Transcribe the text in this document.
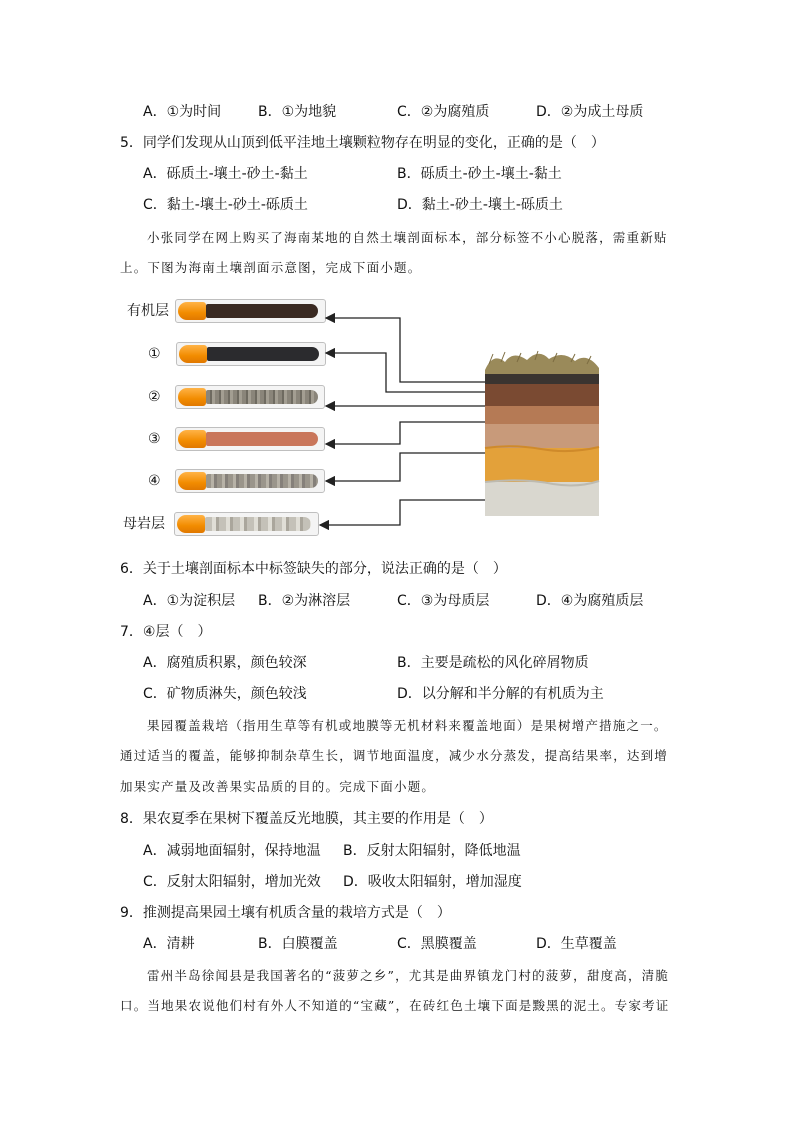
A．①为时间	B．①为地貌	C．②为腐殖质	D．②为成土母质
5．同学们发现从山顶到低平洼地土壤颗粒物存在明显的变化，正确的是（　）
A．砾质土-壤土-砂土-黏土	B．砾质土-砂土-壤土-黏土
C．黏土-壤土-砂土-砾质土	D．黏土-砂土-壤土-砾质土
小张同学在网上购买了海南某地的自然土壤剖面标本，部分标签不小心脱落，需重新贴
上。下图为海南土壤剖面示意图，完成下面小题。
有机层
①
②
③
④
母岩层
6．关于土壤剖面标本中标签缺失的部分，说法正确的是（　）
A．①为淀积层 B．②为淋溶层	C．③为母质层	D．④为腐殖质层
7．④层（　）
A．腐殖质积累，颜色较深	B．主要是疏松的风化碎屑物质
C．矿物质淋失，颜色较浅	D．以分解和半分解的有机质为主
果园覆盖栽培（指用生草等有机或地膜等无机材料来覆盖地面）是果树增产措施之一。
通过适当的覆盖，能够抑制杂草生长，调节地面温度，减少水分蒸发，提高结果率，达到增
加果实产量及改善果实品质的目的。完成下面小题。
8．果农夏季在果树下覆盖反光地膜，其主要的作用是（　）
A．减弱地面辐射，保持地温 B．反射太阳辐射，降低地温
C．反射太阳辐射，增加光效 D．吸收太阳辐射，增加湿度
9．推测提高果园土壤有机质含量的栽培方式是（　）
A．清耕	B．白膜覆盖	C．黑膜覆盖	D．生草覆盖
雷州半岛徐闻县是我国著名的“菠萝之乡”，尤其是曲界镇龙门村的菠萝，甜度高，清脆
口。当地果农说他们村有外人不知道的“宝藏”，在砖红色土壤下面是黢黑的泥土。专家考证
